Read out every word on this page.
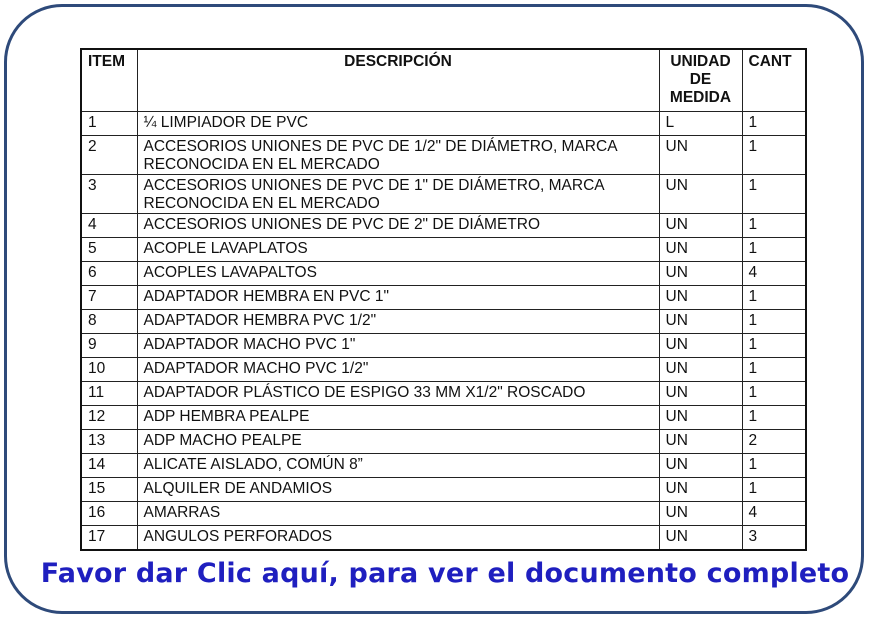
ITEM	DESCRIPCIÓN	UNIDAD DE MEDIDA	CANT
1	¼ LIMPIADOR DE PVC	L	1
2	ACCESORIOS UNIONES DE PVC DE 1/2" DE DIÁMETRO, MARCA RECONOCIDA EN EL MERCADO	UN	1
3	ACCESORIOS UNIONES DE PVC DE 1" DE DIÁMETRO, MARCA RECONOCIDA EN EL MERCADO	UN	1
4	ACCESORIOS UNIONES DE PVC DE 2" DE DIÁMETRO	UN	1
5	ACOPLE LAVAPLATOS	UN	1
6	ACOPLES LAVAPALTOS	UN	4
7	ADAPTADOR HEMBRA EN PVC 1"	UN	1
8	ADAPTADOR HEMBRA PVC 1/2"	UN	1
9	ADAPTADOR MACHO PVC 1"	UN	1
10	ADAPTADOR MACHO PVC 1/2"	UN	1
11	ADAPTADOR PLÁSTICO DE ESPIGO 33 MM X1/2" ROSCADO	UN	1
12	ADP HEMBRA PEALPE	UN	1
13	ADP MACHO PEALPE	UN	2
14	ALICATE AISLADO, COMÚN 8”	UN	1
15	ALQUILER DE ANDAMIOS	UN	1
16	AMARRAS	UN	4
17	ANGULOS PERFORADOS	UN	3
Favor dar Clic aquí, para ver el documento completo
